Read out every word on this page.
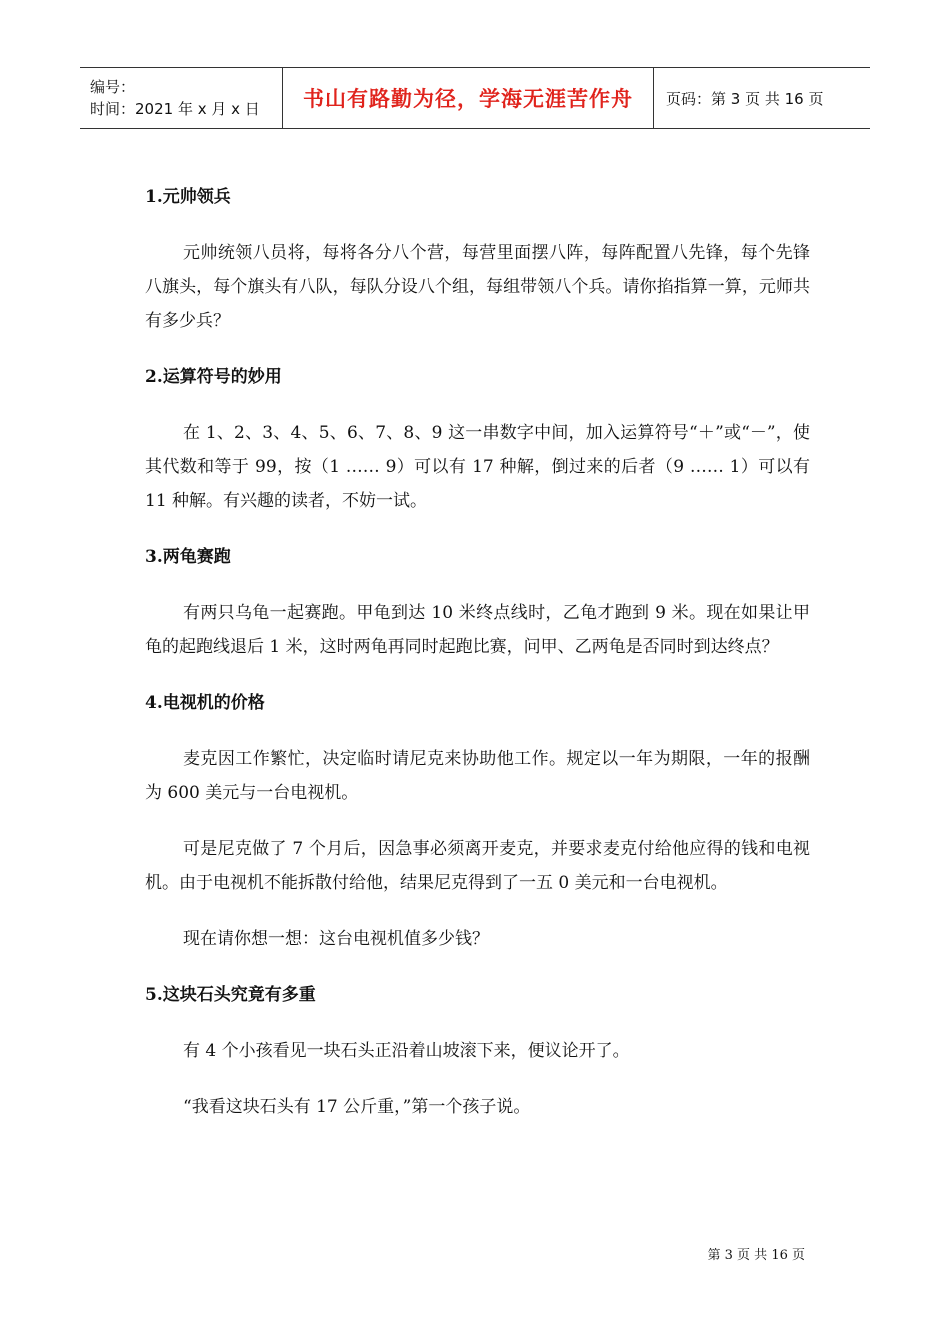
编号：
时间：2021 年 x 月 x 日	书山有路勤为径，学海无涯苦作舟 页码：第 3 页 共 16 页
1.元帅领兵

元帅统领八员将，每将各分八个营，每营里面摆八阵，每阵配置八先锋，每个先锋八旗头，每个旗头有八队，每队分设八个组，每组带领八个兵。请你掐指算一算，元师共有多少兵？

2.运算符号的妙用

在 1、2、3、4、5、6、7、8、9 这一串数字中间，加入运算符号“＋”或“－”，使其代数和等于 99，按（1 …… 9）可以有 17 种解，倒过来的后者（9 …… 1）可以有 11 种解。有兴趣的读者，不妨一试。

3.两龟赛跑

有两只乌龟一起赛跑。甲龟到达 10 米终点线时，乙龟才跑到 9 米。现在如果让甲龟的起跑线退后 1 米，这时两龟再同时起跑比赛，问甲、乙两龟是否同时到达终点？

4.电视机的价格

麦克因工作繁忙，决定临时请尼克来协助他工作。规定以一年为期限，一年的报酬为 600 美元与一台电视机。

可是尼克做了 7 个月后，因急事必须离开麦克，并要求麦克付给他应得的钱和电视机。由于电视机不能拆散付给他，结果尼克得到了一五 0 美元和一台电视机。

现在请你想一想：这台电视机值多少钱？

5.这块石头究竟有多重

有 4 个小孩看见一块石头正沿着山坡滚下来，便议论开了。

“我看这块石头有 17 公斤重，”第一个孩子说。

第 3 页 共 16 页
